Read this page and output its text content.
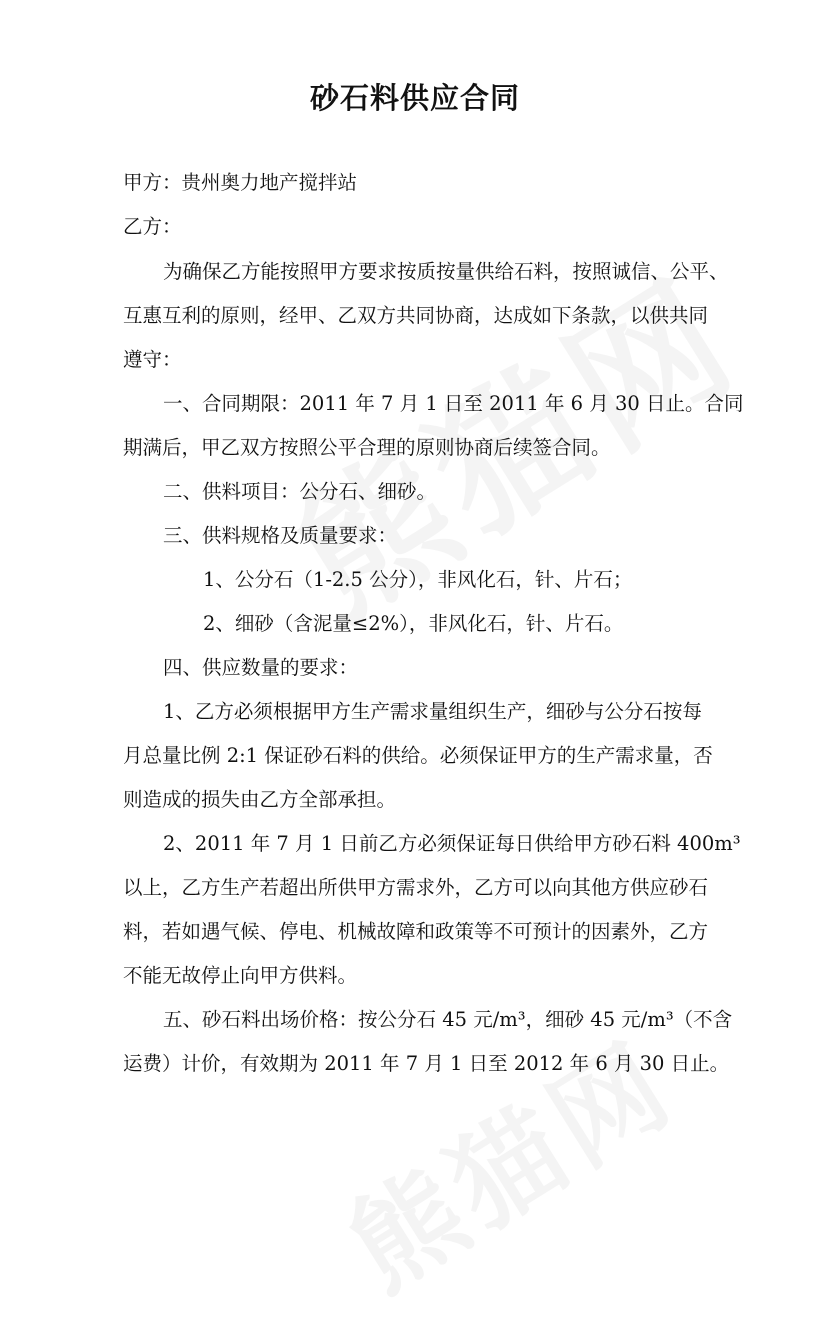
砂石料供应合同
甲方：贵州奥力地产搅拌站
乙方：
为确保乙方能按照甲方要求按质按量供给石料，按照诚信、公平、
互惠互利的原则，经甲、乙双方共同协商，达成如下条款，以供共同
遵守：
一、合同期限：2011 年 7 月 1 日至 2011 年 6 月 30 日止。合同
期满后，甲乙双方按照公平合理的原则协商后续签合同。
二、供料项目：公分石、细砂。
三、供料规格及质量要求：
1、公分石（1-2.5 公分），非风化石，针、片石；
2、细砂（含泥量≤2%），非风化石，针、片石。
四、供应数量的要求：
1、乙方必须根据甲方生产需求量组织生产，细砂与公分石按每
月总量比例 2:1 保证砂石料的供给。必须保证甲方的生产需求量，否
则造成的损失由乙方全部承担。
2、2011 年 7 月 1 日前乙方必须保证每日供给甲方砂石料 400m³
以上，乙方生产若超出所供甲方需求外，乙方可以向其他方供应砂石
料，若如遇气候、停电、机械故障和政策等不可预计的因素外，乙方
不能无故停止向甲方供料。
五、砂石料出场价格：按公分石 45 元/m³，细砂 45 元/m³（不含
运费）计价，有效期为 2011 年 7 月 1 日至 2012 年 6 月 30 日止。
